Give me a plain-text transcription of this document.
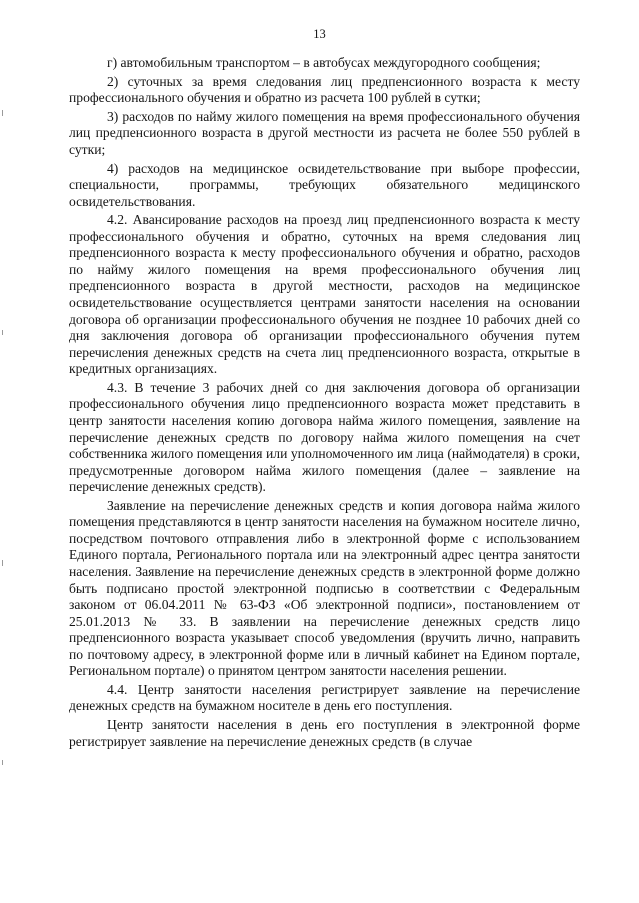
13

г) автомобильным транспортом – в автобусах междугородного сообщения;

2) суточных за время следования лиц предпенсионного возраста к месту профессионального обучения и обратно из расчета 100 рублей в сутки;

3) расходов по найму жилого помещения на время профессионального обучения лиц предпенсионного возраста в другой местности из расчета не более 550 рублей в сутки;

4) расходов на медицинское освидетельствование при выборе профессии, специальности, программы, требующих обязательного медицинского освидетельствования.

4.2. Авансирование расходов на проезд лиц предпенсионного возраста к месту профессионального обучения и обратно, суточных на время следования лиц предпенсионного возраста к месту профессионального обучения и обратно, расходов по найму жилого помещения на время профессионального обучения лиц предпенсионного возраста в другой местности, расходов на медицинское освидетельствование осуществляется центрами занятости населения на основании договора об организации профессионального обучения не позднее 10 рабочих дней со дня заключения договора об организации профессионального обучения путем перечисления денежных средств на счета лиц предпенсионного возраста, открытые в кредитных организациях.

4.3. В течение 3 рабочих дней со дня заключения договора об организации профессионального обучения лицо предпенсионного возраста может представить в центр занятости населения копию договора найма жилого помещения, заявление на перечисление денежных средств по договору найма жилого помещения на счет собственника жилого помещения или уполномоченного им лица (наймодателя) в сроки, предусмотренные договором найма жилого помещения (далее – заявление на перечисление денежных средств).

Заявление на перечисление денежных средств и копия договора найма жилого помещения представляются в центр занятости населения на бумажном носителе лично, посредством почтового отправления либо в электронной форме с использованием Единого портала, Регионального портала или на электронный адрес центра занятости населения. Заявление на перечисление денежных средств в электронной форме должно быть подписано простой электронной подписью в соответствии с Федеральным законом от 06.04.2011 № 63-ФЗ «Об электронной подписи», постановлением от 25.01.2013 № 33. В заявлении на перечисление денежных средств лицо предпенсионного возраста указывает способ уведомления (вручить лично, направить по почтовому адресу, в электронной форме или в личный кабинет на Едином портале, Региональном портале) о принятом центром занятости населения решении.

4.4. Центр занятости населения регистрирует заявление на перечисление денежных средств на бумажном носителе в день его поступления.

Центр занятости населения в день его поступления в электронной форме регистрирует заявление на перечисление денежных средств (в случае
